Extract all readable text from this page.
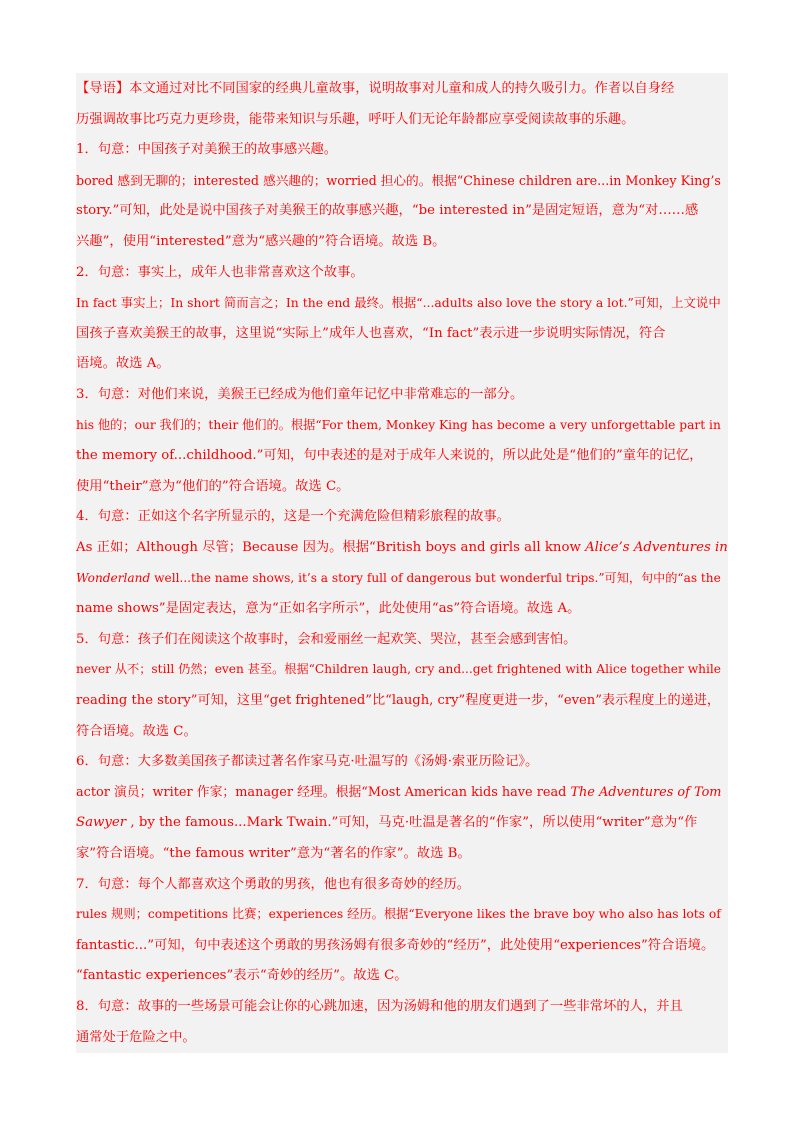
【导语】本文通过对比不同国家的经典儿童故事，说明故事对儿童和成人的持久吸引力。作者以自身经
历强调故事比巧克力更珍贵，能带来知识与乐趣，呼吁人们无论年龄都应享受阅读故事的乐趣。
1．句意：中国孩子对美猴王的故事感兴趣。
bored 感到无聊的；interested 感兴趣的；worried 担心的。根据“Chinese children are...in Monkey King’s
story.”可知，此处是说中国孩子对美猴王的故事感兴趣，“be interested in”是固定短语，意为“对……感
兴趣”，使用“interested”意为“感兴趣的”符合语境。故选 B。
2．句意：事实上，成年人也非常喜欢这个故事。
In fact 事实上；In short 简而言之；In the end 最终。根据“...adults also love the story a lot.”可知，上文说中
国孩子喜欢美猴王的故事，这里说“实际上”成年人也喜欢，“In fact”表示进一步说明实际情况，符合
语境。故选 A。
3．句意：对他们来说，美猴王已经成为他们童年记忆中非常难忘的一部分。
his 他的；our 我们的；their 他们的。根据“For them, Monkey King has become a very unforgettable part in
the memory of...childhood.”可知，句中表述的是对于成年人来说的，所以此处是“他们的”童年的记忆，
使用“their”意为“他们的”符合语境。故选 C。
4．句意：正如这个名字所显示的，这是一个充满危险但精彩旅程的故事。
As 正如；Although 尽管；Because 因为。根据“British boys and girls all know Alice’s Adventures in
Wonderland well...the name shows, it’s a story full of dangerous but wonderful trips.”可知，句中的“as the
name shows”是固定表达，意为“正如名字所示”，此处使用“as”符合语境。故选 A。
5．句意：孩子们在阅读这个故事时，会和爱丽丝一起欢笑、哭泣，甚至会感到害怕。
never 从不；still 仍然；even 甚至。根据“Children laugh, cry and...get frightened with Alice together while
reading the story”可知，这里“get frightened”比“laugh, cry”程度更进一步，“even”表示程度上的递进，
符合语境。故选 C。
6．句意：大多数美国孩子都读过著名作家马克·吐温写的《汤姆·索亚历险记》。
actor 演员；writer 作家；manager 经理。根据“Most American kids have read The Adventures of Tom
Sawyer , by the famous...Mark Twain.”可知，马克·吐温是著名的“作家”，所以使用“writer”意为“作
家”符合语境。“the famous writer”意为“著名的作家”。故选 B。
7．句意：每个人都喜欢这个勇敢的男孩，他也有很多奇妙的经历。
rules 规则；competitions 比赛；experiences 经历。根据“Everyone likes the brave boy who also has lots of
fantastic...”可知，句中表述这个勇敢的男孩汤姆有很多奇妙的“经历”，此处使用“experiences”符合语境。
“fantastic experiences”表示“奇妙的经历”。故选 C。
8．句意：故事的一些场景可能会让你的心跳加速，因为汤姆和他的朋友们遇到了一些非常坏的人，并且
通常处于危险之中。
